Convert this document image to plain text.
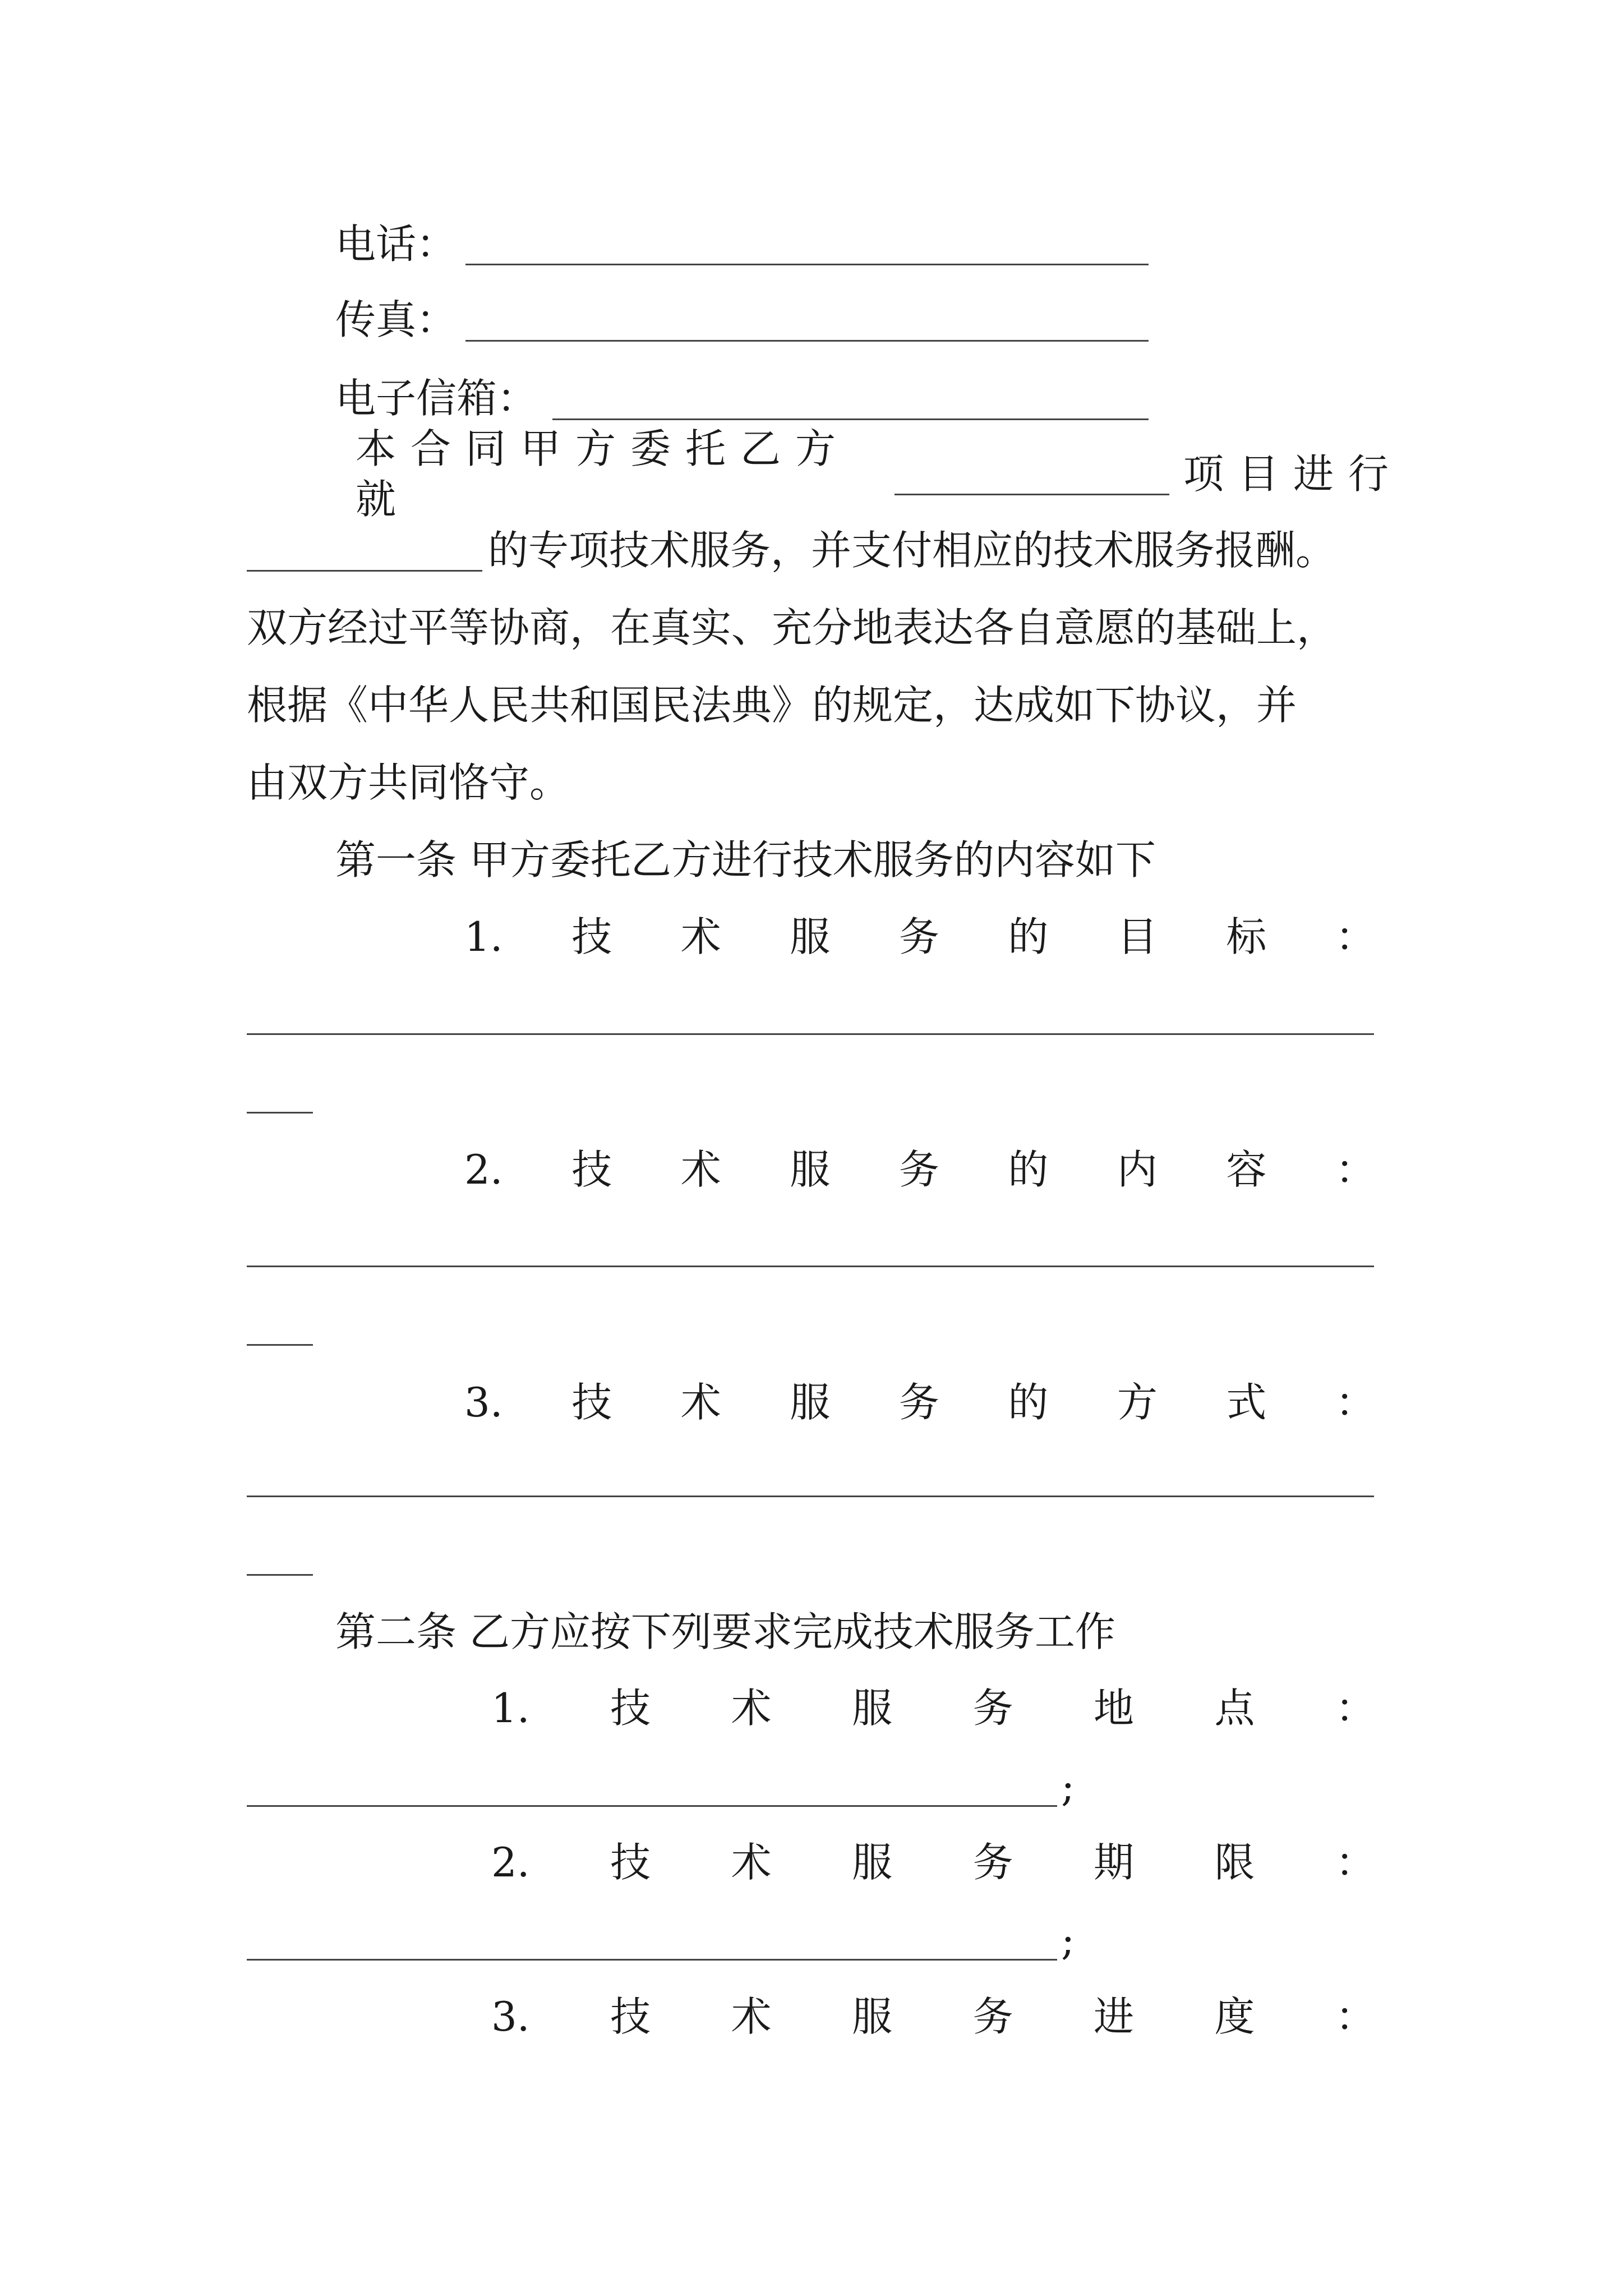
电话：
传真：
电子信箱：
本合同甲方委托乙方就
项目进行
的专项技术服务，并支付相应的技术服务报酬。
双方经过平等协商，在真实、充分地表达各自意愿的基础上，
根据《中华人民共和国民法典》的规定，达成如下协议，并
由双方共同恪守。
第一条 甲方委托乙方进行技术服务的内容如下
1. 技 术 服 务 的 目 标 ：
2. 技 术 服 务 的 内 容 ：
3. 技 术 服 务 的 方 式 ：
第二条 乙方应按下列要求完成技术服务工作
1. 技 术 服 务 地 点 ：
;
2. 技 术 服 务 期 限 ：
;
3. 技 术 服 务 进 度 ：
